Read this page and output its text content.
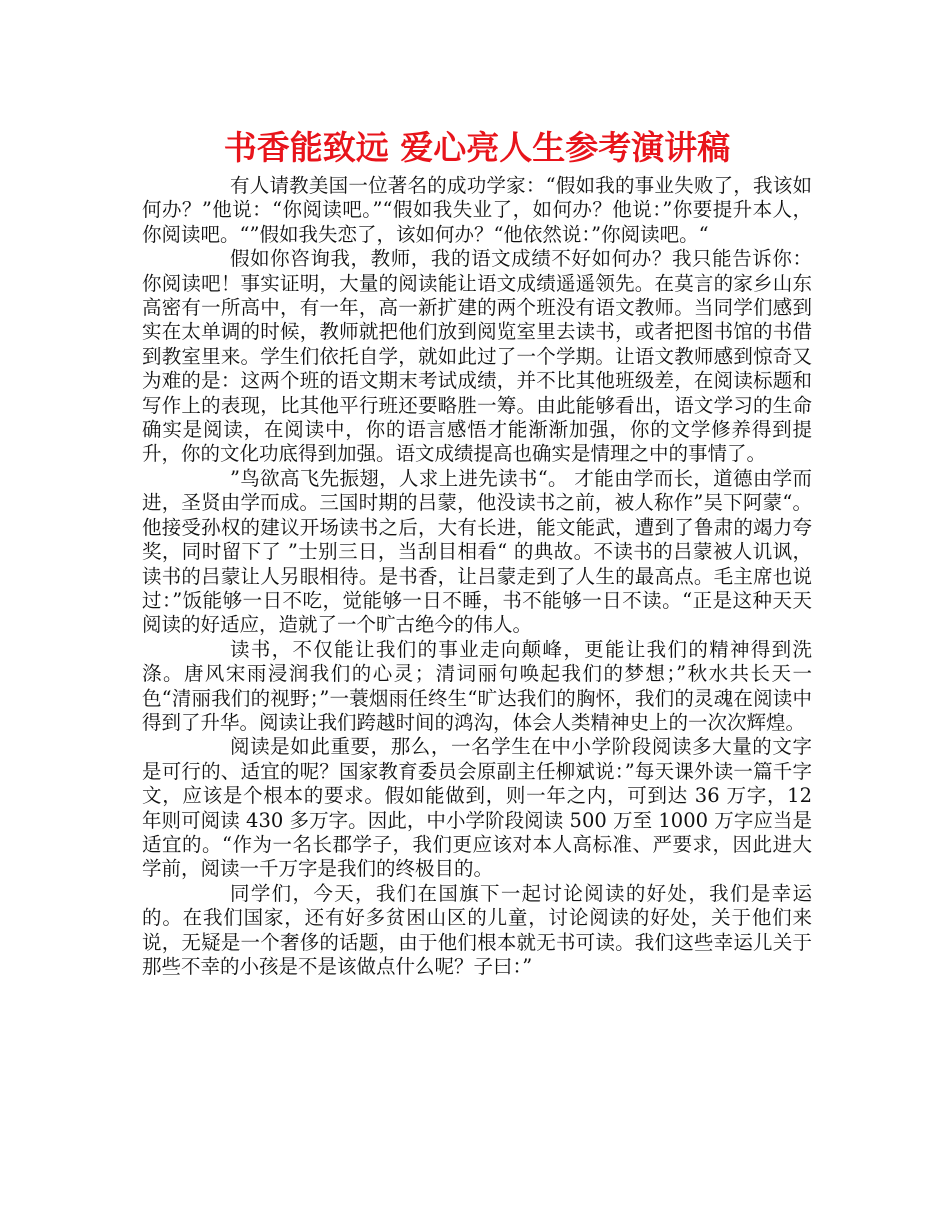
书香能致远 爱心亮人生参考演讲稿

有人请教美国一位著名的成功学家：“假如我的事业失败了，我该如何办？”他说：“你阅读吧。”“假如我失业了，如何办？他说：”你要提升本人，你阅读吧。“”假如我失恋了，该如何办？“他依然说：”你阅读吧。“

假如你咨询我，教师，我的语文成绩不好如何办？我只能告诉你：你阅读吧！事实证明，大量的阅读能让语文成绩遥遥领先。在莫言的家乡山东高密有一所高中，有一年，高一新扩建的两个班没有语文教师。当同学们感到实在太单调的时候，教师就把他们放到阅览室里去读书，或者把图书馆的书借到教室里来。学生们依托自学，就如此过了一个学期。让语文教师感到惊奇又为难的是：这两个班的语文期末考试成绩，并不比其他班级差，在阅读标题和写作上的表现，比其他平行班还要略胜一筹。由此能够看出，语文学习的生命确实是阅读，在阅读中，你的语言感悟才能渐渐加强，你的文学修养得到提升，你的文化功底得到加强。语文成绩提高也确实是情理之中的事情了。

”鸟欲高飞先振翅，人求上进先读书“。 才能由学而长，道德由学而进，圣贤由学而成。三国时期的吕蒙，他没读书之前，被人称作”吴下阿蒙“。他接受孙权的建议开场读书之后，大有长进，能文能武，遭到了鲁肃的竭力夸奖，同时留下了 ”士别三日，当刮目相看“ 的典故。不读书的吕蒙被人讥讽，读书的吕蒙让人另眼相待。是书香，让吕蒙走到了人生的最高点。毛主席也说过：”饭能够一日不吃，觉能够一日不睡，书不能够一日不读。“正是这种天天阅读的好适应，造就了一个旷古绝今的伟人。

读书，不仅能让我们的事业走向颠峰，更能让我们的精神得到洗涤。唐风宋雨浸润我们的心灵；清词丽句唤起我们的梦想；”秋水共长天一色“清丽我们的视野；”一蓑烟雨任终生“旷达我们的胸怀，我们的灵魂在阅读中得到了升华。阅读让我们跨越时间的鸿沟，体会人类精神史上的一次次辉煌。

阅读是如此重要，那么，一名学生在中小学阶段阅读多大量的文字是可行的、适宜的呢？国家教育委员会原副主任柳斌说：”每天课外读一篇千字文，应该是个根本的要求。假如能做到，则一年之内，可到达 36 万字，12 年则可阅读 430 多万字。因此，中小学阶段阅读 500 万至 1000 万字应当是适宜的。“作为一名长郡学子，我们更应该对本人高标准、严要求，因此进大学前，阅读一千万字是我们的终极目的。

同学们，今天，我们在国旗下一起讨论阅读的好处，我们是幸运的。在我们国家，还有好多贫困山区的儿童，讨论阅读的好处，关于他们来说，无疑是一个奢侈的话题，由于他们根本就无书可读。我们这些幸运儿关于那些不幸的小孩是不是该做点什么呢？子曰：”
